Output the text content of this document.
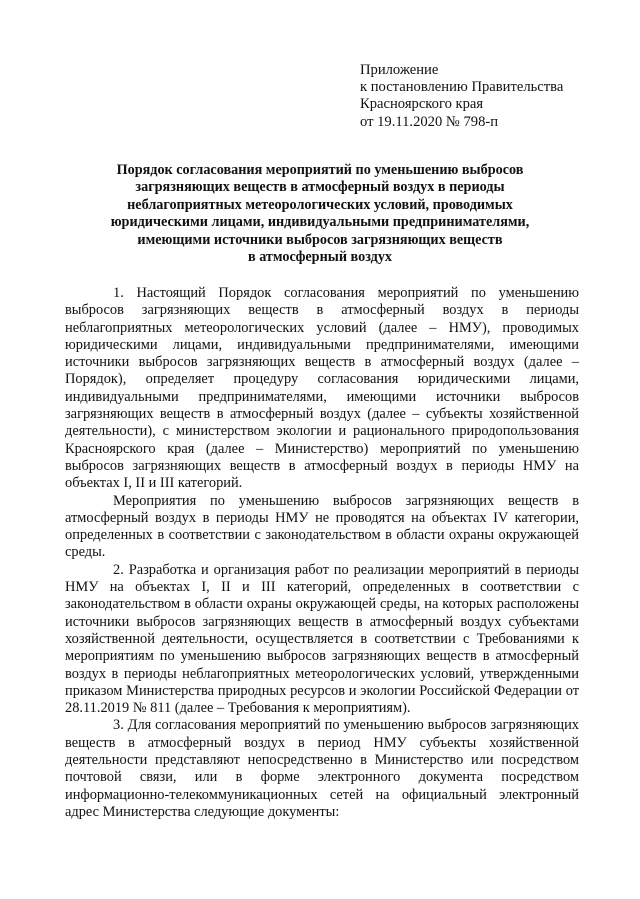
Приложение
к постановлению Правительства
Красноярского края
от 19.11.2020 № 798-п
Порядок согласования мероприятий по уменьшению выбросов
загрязняющих веществ в атмосферный воздух в периоды
неблагоприятных метеорологических условий, проводимых
юридическими лицами, индивидуальными предпринимателями,
имеющими источники выбросов загрязняющих веществ
в атмосферный воздух

1. Настоящий Порядок согласования мероприятий по уменьшению выбросов загрязняющих веществ в атмосферный воздух в периоды неблагоприятных метеорологических условий (далее – НМУ), проводимых юридическими лицами, индивидуальными предпринимателями, имеющими источники выбросов загрязняющих веществ в атмосферный воздух (далее – Порядок), определяет процедуру согласования юридическими лицами, индивидуальными предпринимателями, имеющими источники выбросов загрязняющих веществ в атмосферный воздух (далее – субъекты хозяйственной деятельности), с министерством экологии и рационального природопользования Красноярского края (далее – Министерство) мероприятий по уменьшению выбросов загрязняющих веществ в атмосферный воздух в периоды НМУ на объектах I, II и III категорий.

Мероприятия по уменьшению выбросов загрязняющих веществ в атмосферный воздух в периоды НМУ не проводятся на объектах IV категории, определенных в соответствии с законодательством в области охраны окружающей среды.

2. Разработка и организация работ по реализации мероприятий в периоды НМУ на объектах I, II и III категорий, определенных в соответствии с законодательством в области охраны окружающей среды, на которых расположены источники выбросов загрязняющих веществ в атмосферный воздух субъектами хозяйственной деятельности, осуществляется в соответствии с Требованиями к мероприятиям по уменьшению выбросов загрязняющих веществ в атмосферный воздух в периоды неблагоприятных метеорологических условий, утвержденными приказом Министерства природных ресурсов и экологии Российской Федерации от 28.11.2019 № 811 (далее – Требования к мероприятиям).

3. Для согласования мероприятий по уменьшению выбросов загрязняющих веществ в атмосферный воздух в период НМУ субъекты хозяйственной деятельности представляют непосредственно в Министерство или посредством почтовой связи, или в форме электронного документа посредством информационно-телекоммуникационных сетей на официальный электронный адрес Министерства следующие документы:
